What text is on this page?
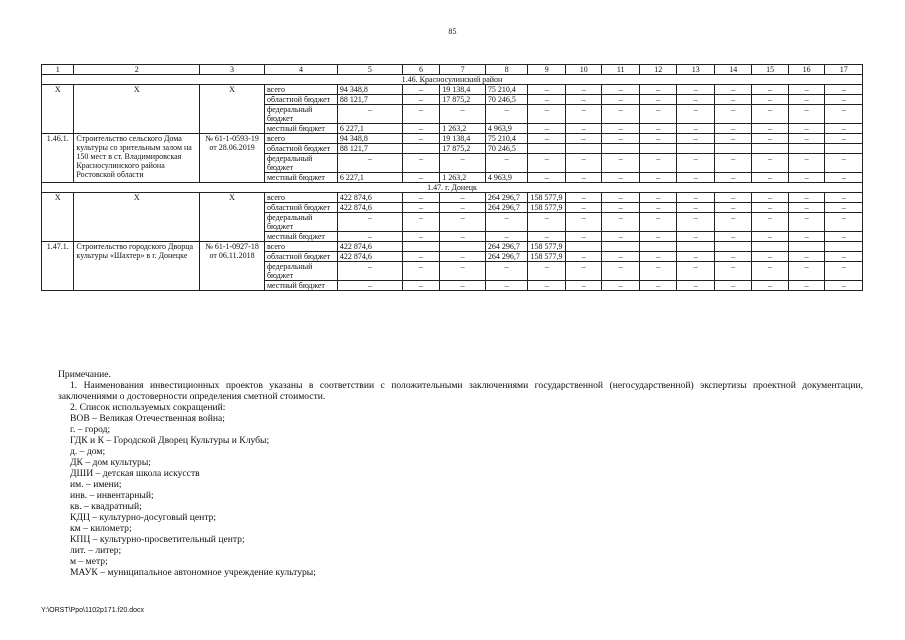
85
1	2	3	4	5	6	7	8	9	10	11	12	13	14	15	16	17
1.46. Красносулинский район																
X	X	X	всего	94 348,8	–	19 138,4	75 210,4	–	–	–	–	–	–	–	–	–
			областной бюджет	88 121,7	–	17 875,2	70 246,5	–	–	–	–	–	–	–	–	–
			федеральный бюджет	–	–	–	–	–	–	–	–	–	–	–	–	–
			местный бюджет	6 227,1	–	1 263,2	4 963,9	–	–	–	–	–	–	–	–	–
1.46.1.	Строительство сельского Дома культуры со зрительным залом на 150 мест в ст. Владимировская Красносулинского района Ростовской области	№ 61-1-0593-19 от 28.06.2019	всего	94 348,8	–	19 138,4	75 210,4	–	–	–	–	–	–	–	–	–
			областной бюджет	88 121,7		17 875,2	70 246,5									
			федеральный бюджет	–	–	–	–	–	–	–	–	–	–	–	–	–
			местный бюджет	6 227,1	–	1 263,2	4 963,9	–	–	–	–	–	–	–	–	–
1.47. г. Донецк																
X	X	X	всего	422 874,6	–	–	264 296,7	158 577,9	–	–	–	–	–	–	–	–
			областной бюджет	422 874,6	–	–	264 296,7	158 577,9	–	–	–	–	–	–	–	–
			федеральный бюджет	–	–	–	–	–	–	–	–	–	–	–	–	–
			местный бюджет	–	–	–	–	–	–	–	–	–	–	–	–	–
1.47.1.	Строительство городского Дворца культуры «Шахтер» в г. Донецке	№ 61-1-0927-18 от 06.11.2018	всего	422 874,6			264 296,7	158 577,9								
			областной бюджет	422 874,6	–	–	264 296,7	158 577,9	–	–	–	–	–	–	–	–
			федеральный бюджет	–	–	–	–	–	–	–	–	–	–	–	–	–
			местный бюджет	–	–	–	–	–	–	–	–	–	–	–	–	–

Примечание.

1. Наименования инвестиционных проектов указаны в соответствии с положительными заключениями государственной (негосударственной) экспертизы проектной документации, заключениями о достоверности определения сметной стоимости.

2. Список используемых сокращений:

ВОВ – Великая Отечественная война;

г. – город;

ГДК и К – Городской Дворец Культуры и Клубы;

д. – дом;

ДК – дом культуры;

ДШИ – детская школа искусств

им. – имени;

инв. – инвентарный;

кв. – квадратный;

КДЦ – культурно-досуговый центр;

км – километр;

КПЦ – культурно-просветительный центр;

лит. – литер;

м – метр;

МАУК – муниципальное автономное учреждение культуры;

Y:\ORST\Ppo\1102p171.f20.docx
